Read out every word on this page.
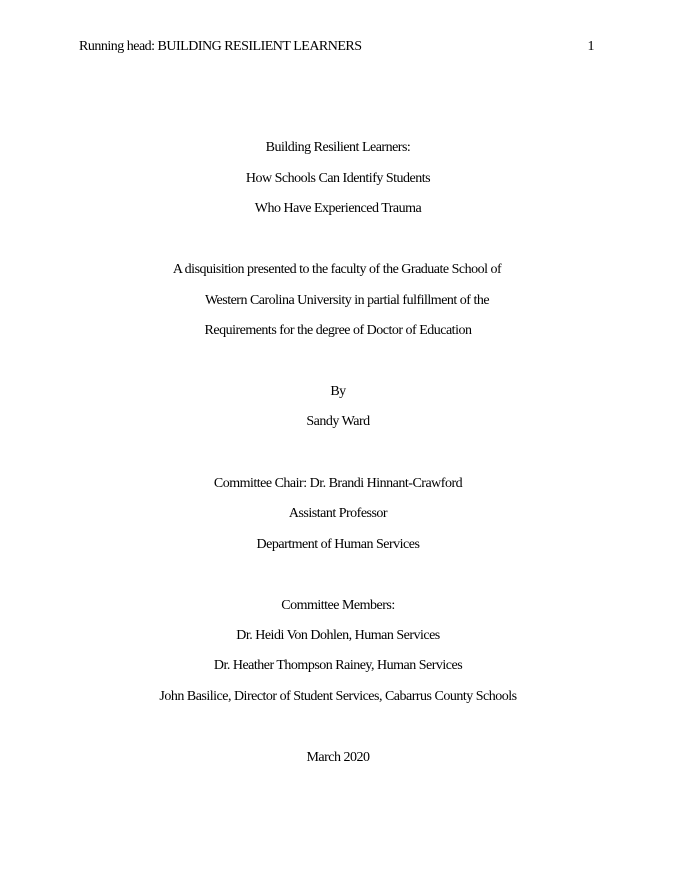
Running head: BUILDING RESILIENT LEARNERS	1
Building Resilient Learners:
How Schools Can Identify Students
Who Have Experienced Trauma
A disquisition presented to the faculty of the Graduate School of
Western Carolina University in partial fulfillment of the
Requirements for the degree of Doctor of Education
By
Sandy Ward
Committee Chair: Dr. Brandi Hinnant-Crawford
Assistant Professor
Department of Human Services
Committee Members:
Dr. Heidi Von Dohlen, Human Services
Dr. Heather Thompson Rainey, Human Services
John Basilice, Director of Student Services, Cabarrus County Schools
March 2020
